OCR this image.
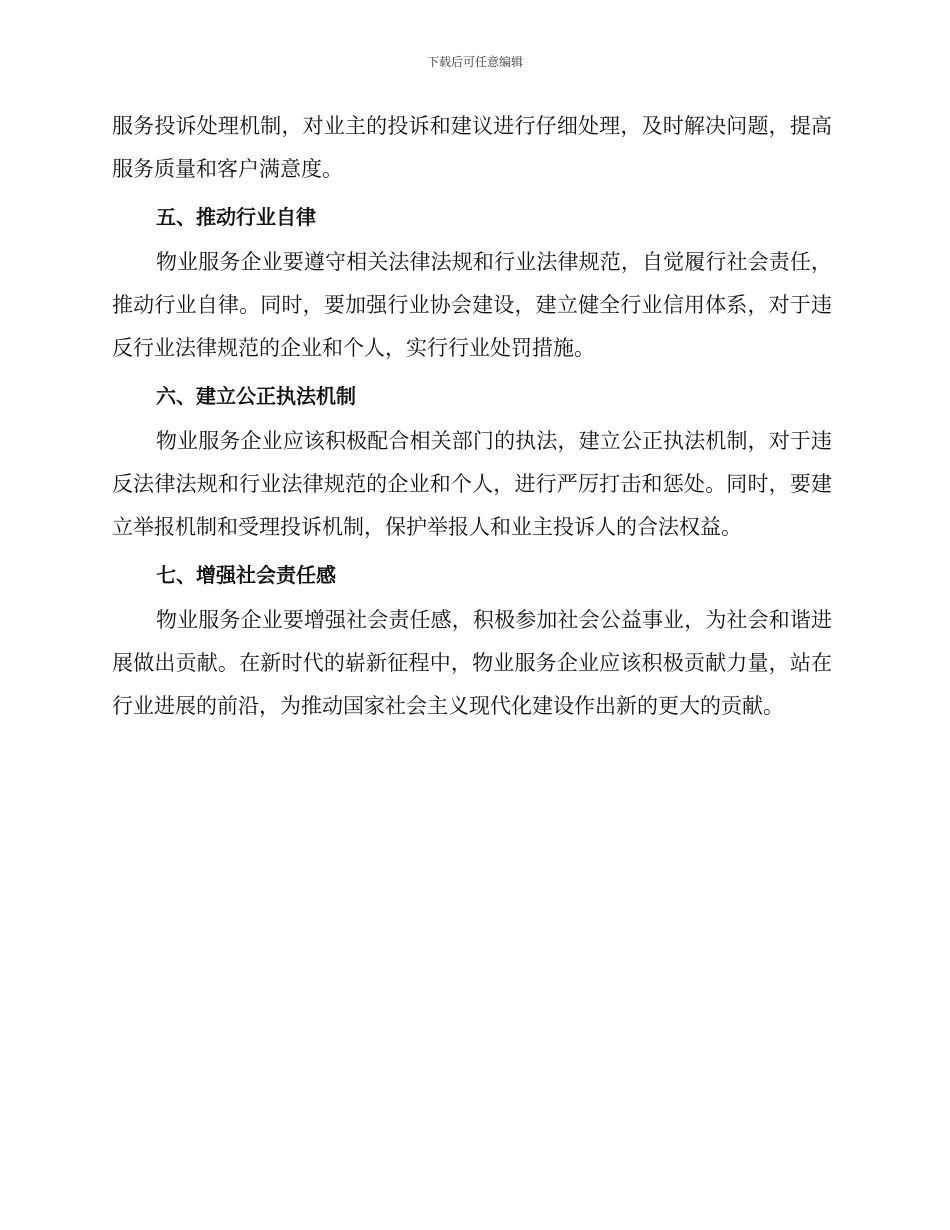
下载后可任意编辑

服务投诉处理机制，对业主的投诉和建议进行仔细处理，及时解决问题，提高服务质量和客户满意度。

五、推动行业自律

物业服务企业要遵守相关法律法规和行业法律规范，自觉履行社会责任，推动行业自律。同时，要加强行业协会建设，建立健全行业信用体系，对于违反行业法律规范的企业和个人，实行行业处罚措施。

六、建立公正执法机制

物业服务企业应该积极配合相关部门的执法，建立公正执法机制，对于违反法律法规和行业法律规范的企业和个人，进行严厉打击和惩处。同时，要建立举报机制和受理投诉机制，保护举报人和业主投诉人的合法权益。

七、增强社会责任感

物业服务企业要增强社会责任感，积极参加社会公益事业，为社会和谐进展做出贡献。在新时代的崭新征程中，物业服务企业应该积极贡献力量，站在行业进展的前沿，为推动国家社会主义现代化建设作出新的更大的贡献。
